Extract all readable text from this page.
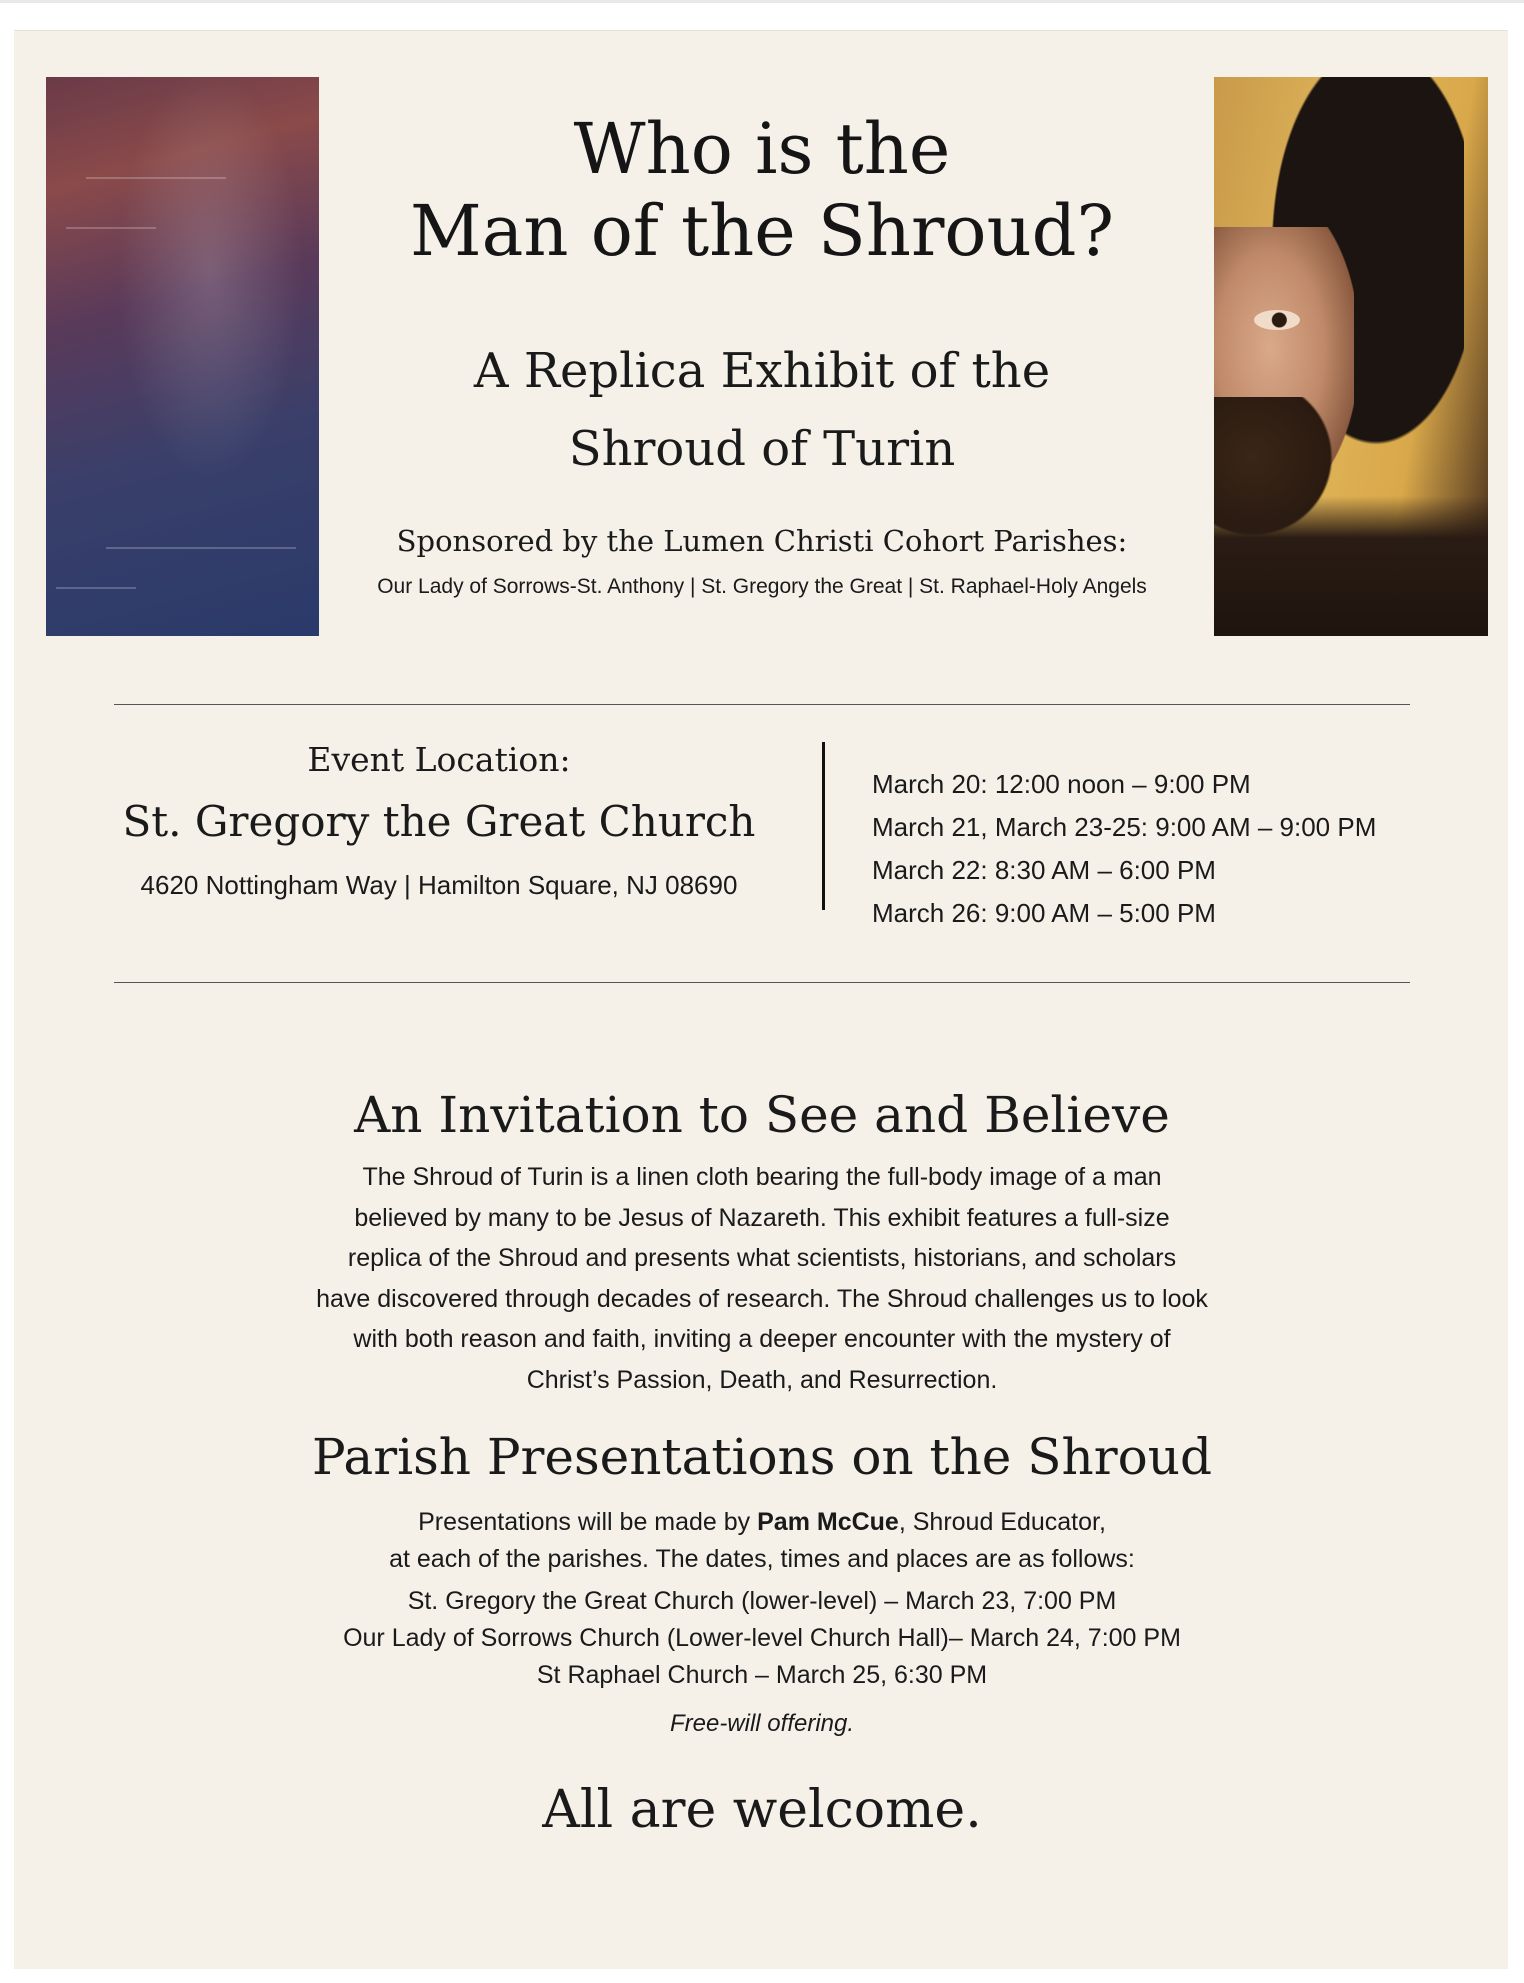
Who is the
Man of the Shroud?
A Replica Exhibit of the
Shroud of Turin
Sponsored by the Lumen Christi Cohort Parishes:
Our Lady of Sorrows-St. Anthony | St. Gregory the Great | St. Raphael-Holy Angels
Event Location:
St. Gregory the Great Church
4620 Nottingham Way | Hamilton Square, NJ 08690
March 20: 12:00 noon – 9:00 PM
March 21, March 23-25: 9:00 AM – 9:00 PM
March 22: 8:30 AM – 6:00 PM
March 26: 9:00 AM – 5:00 PM
An Invitation to See and Believe
The Shroud of Turin is a linen cloth bearing the full-body image of a man
believed by many to be Jesus of Nazareth. This exhibit features a full-size
replica of the Shroud and presents what scientists, historians, and scholars
have discovered through decades of research. The Shroud challenges us to look
with both reason and faith, inviting a deeper encounter with the mystery of
Christ’s Passion, Death, and Resurrection.
Parish Presentations on the Shroud
Presentations will be made by Pam McCue, Shroud Educator,
at each of the parishes. The dates, times and places are as follows:
St. Gregory the Great Church (lower-level) – March 23, 7:00 PM
Our Lady of Sorrows Church (Lower-level Church Hall)– March 24, 7:00 PM
St Raphael Church – March 25, 6:30 PM
Free-will offering.
All are welcome.
